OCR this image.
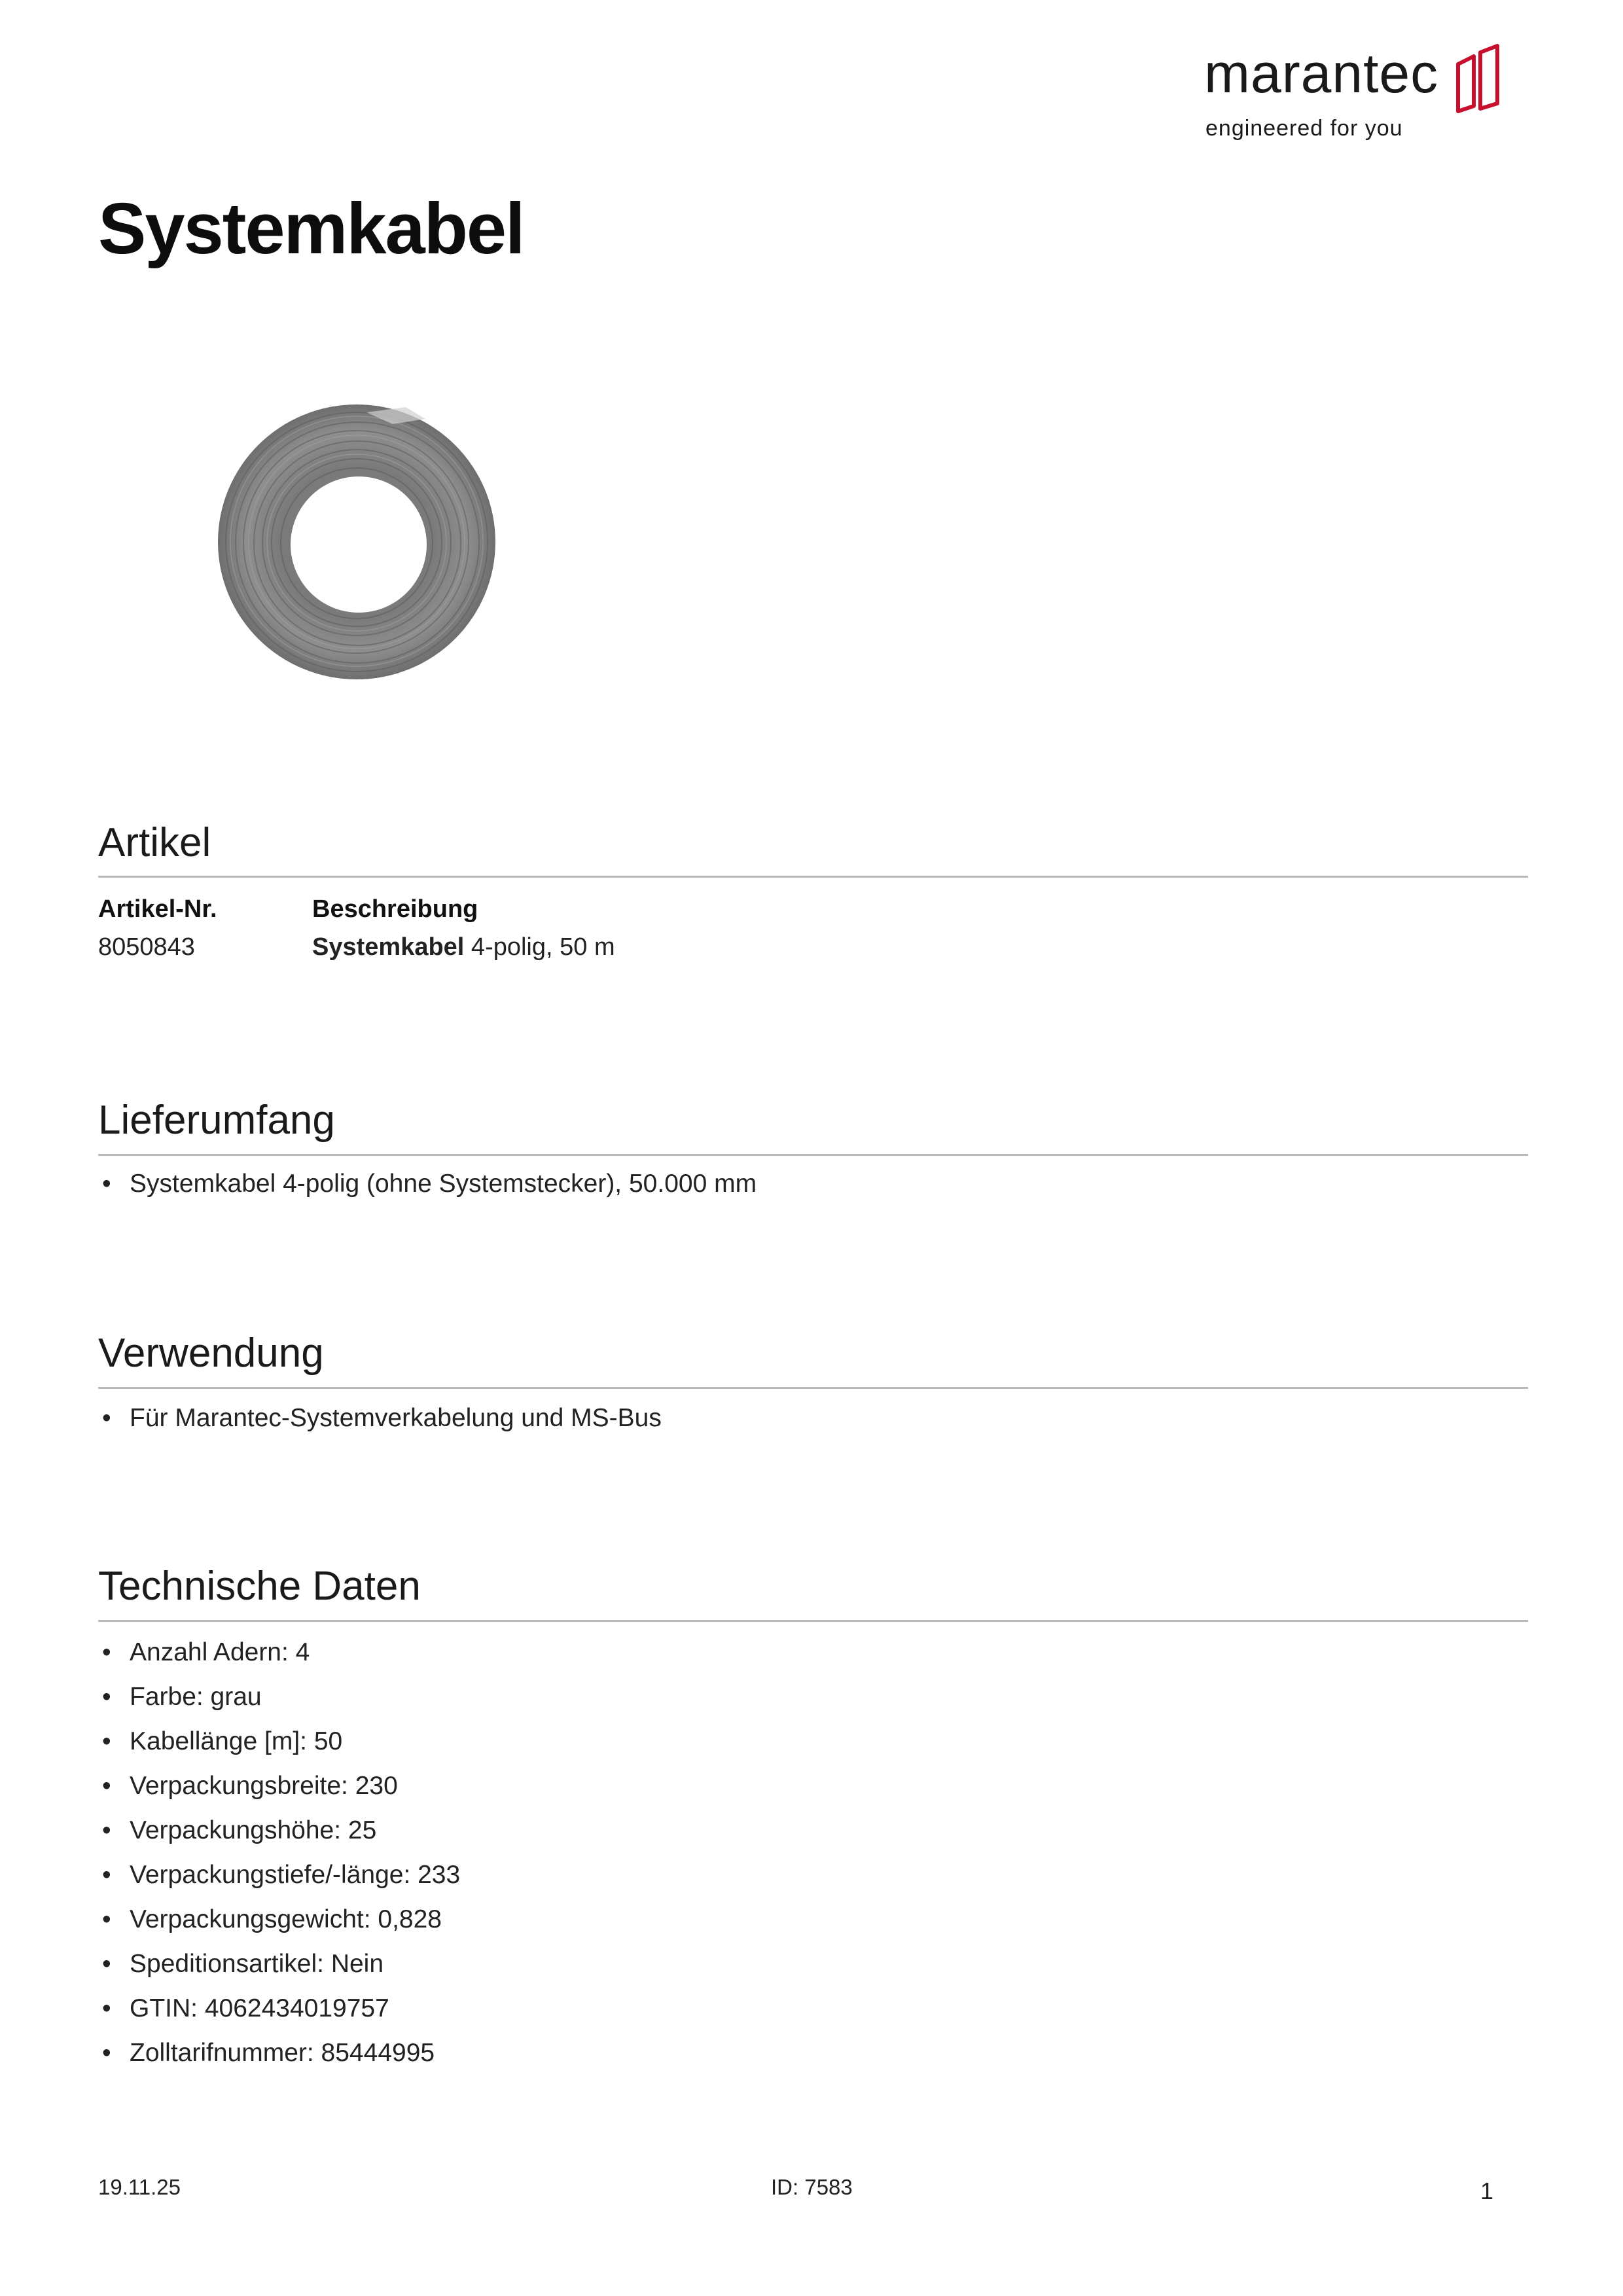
marantec
engineered for you
Systemkabel
Artikel
Artikel-Nr.	Beschreibung
8050843	Systemkabel 4-polig, 50 m
Lieferumfang
• Systemkabel 4-polig (ohne Systemstecker), 50.000 mm
Verwendung
• Für Marantec-Systemverkabelung und MS-Bus
Technische Daten
• Anzahl Adern: 4
• Farbe: grau
• Kabellänge [m]: 50
• Verpackungsbreite: 230
• Verpackungshöhe: 25
• Verpackungstiefe/-länge: 233
• Verpackungsgewicht: 0,828
• Speditionsartikel: Nein
• GTIN: 4062434019757
• Zolltarifnummer: 85444995
19.11.25	ID: 7583	1
